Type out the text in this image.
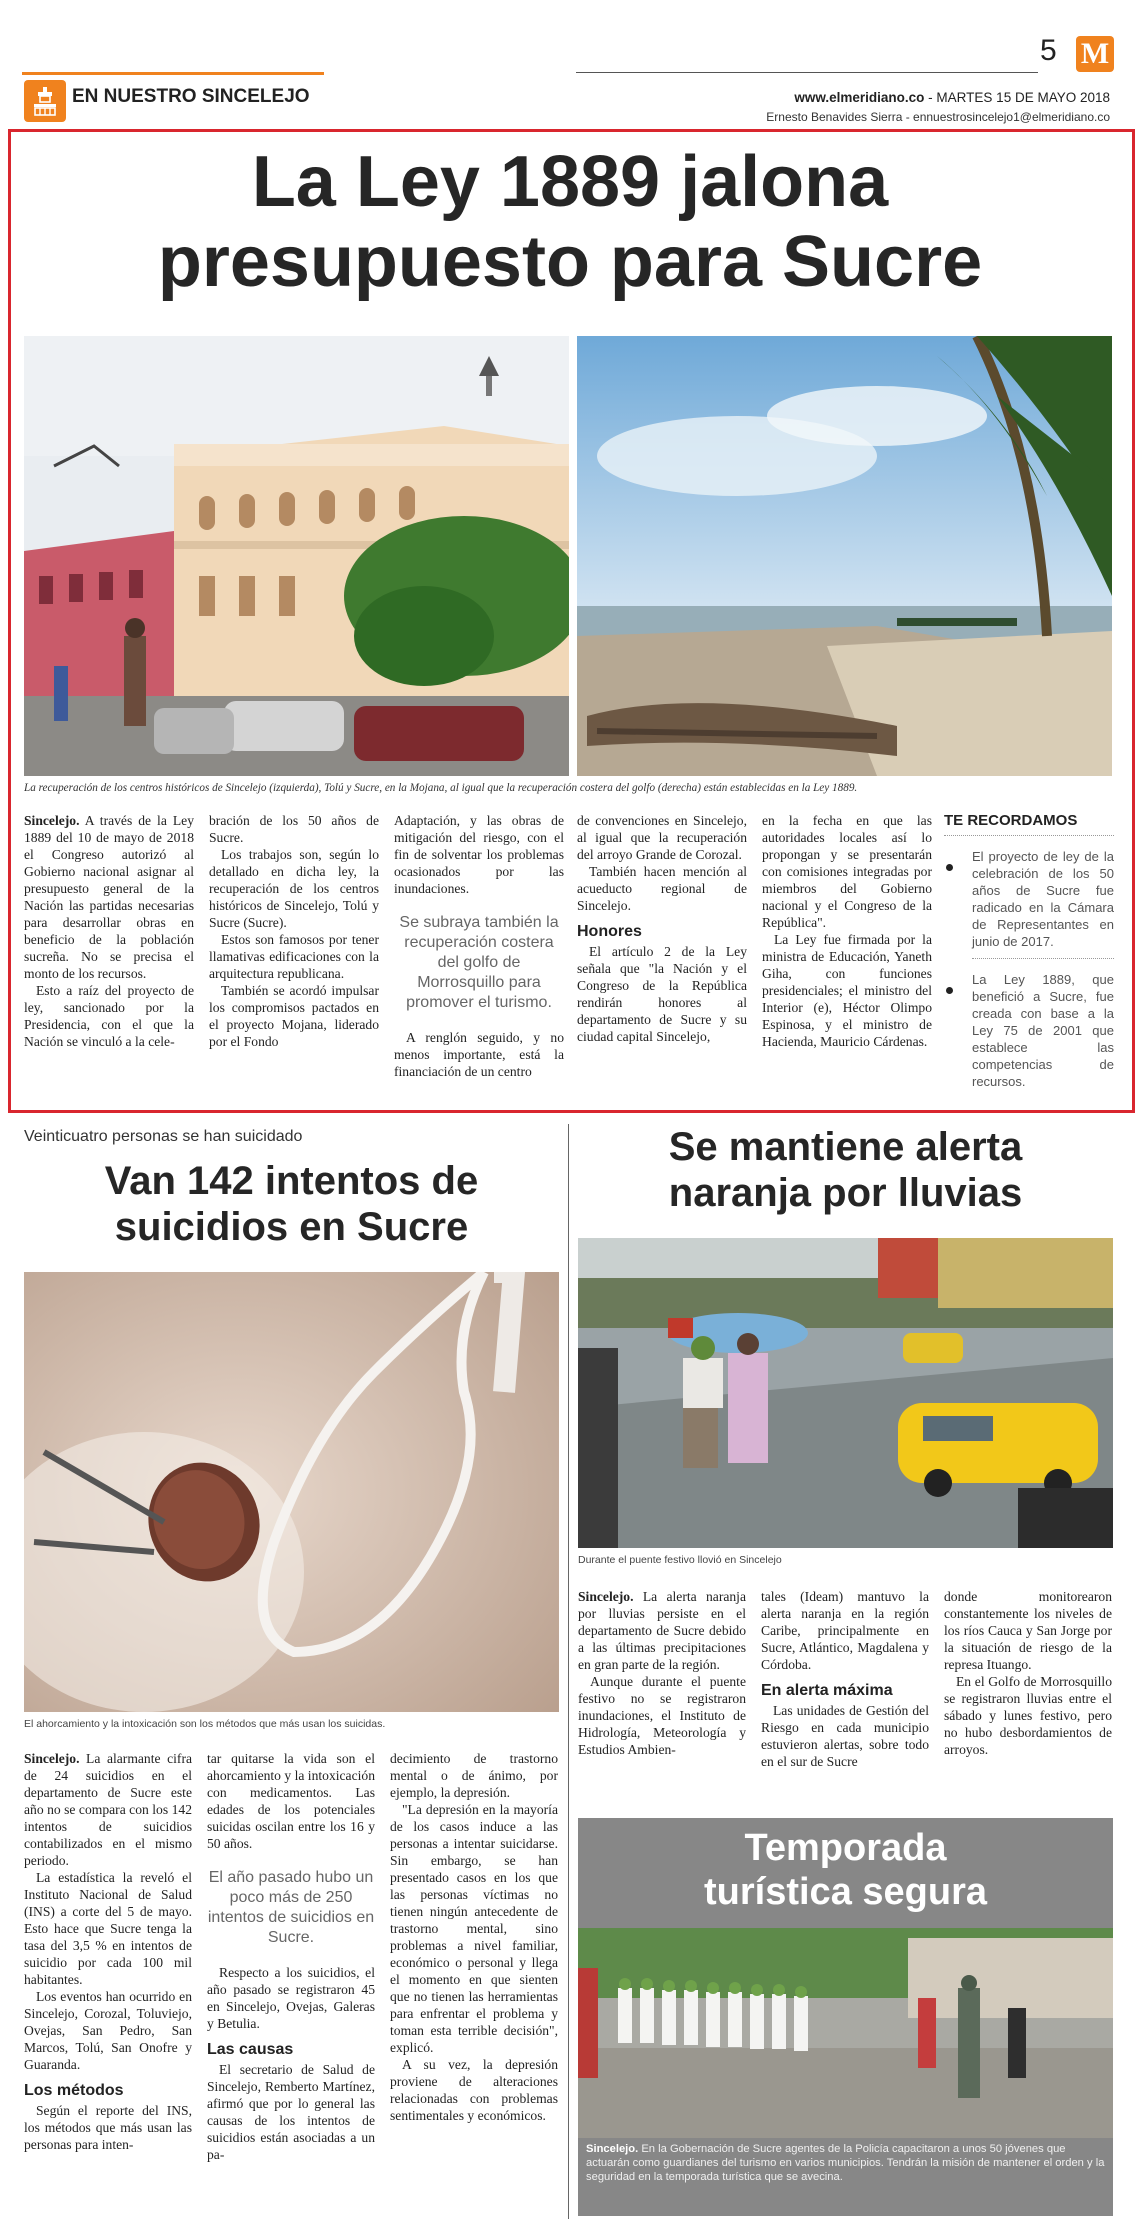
EN NUESTRO SINCELEJO
5 M
www.elmeridiano.co - MARTES 15 DE MAYO 2018
Ernesto Benavides Sierra - ennuestrosincelejo1@elmeridiano.co
La Ley 1889 jalona
presupuesto para Sucre
La recuperación de los centros históricos de Sincelejo (izquierda), Tolú y Sucre, en la Mojana, al igual que la recuperación costera del golfo (derecha) están establecidas en la Ley 1889.

Sincelejo. A través de la Ley 1889 del 10 de mayo de 2018 el Congreso autorizó al Gobierno nacional asignar al presupuesto general de la Nación las partidas necesarias para desarrollar obras en beneficio de la población sucreña. No se precisa el monto de los recursos.

Esto a raíz del proyecto de ley, sancionado por la Presidencia, con el que la Nación se vinculó a la cele-

bración de los 50 años de Sucre.

Los trabajos son, según lo detallado en dicha ley, la recuperación de los centros históricos de Sincelejo, Tolú y Sucre (Sucre).

Estos son famosos por tener llamativas edificaciones con la arquitectura republicana.

También se acordó impulsar los compromisos pactados en el proyecto Mojana, liderado por el Fondo

Adaptación, y las obras de mitigación del riesgo, con el fin de solventar los problemas ocasionados por las inundaciones.

Se subraya también la recuperación costera del golfo de Morrosquillo para promover el turismo.

A renglón seguido, y no menos importante, está la financiación de un centro

de convenciones en Sincelejo, al igual que la recuperación del arroyo Grande de Corozal.

También hacen mención al acueducto regional de Sincelejo.

Honores

El artículo 2 de la Ley señala que "la Nación y el Congreso de la República rendirán honores al departamento de Sucre y su ciudad capital Sincelejo,

en la fecha en que las autoridades locales así lo propongan y se presentarán con comisiones integradas por miembros del Gobierno nacional y el Congreso de la República".

La Ley fue firmada por la ministra de Educación, Yaneth Giha, con funciones presidenciales; el ministro del Interior (e), Héctor Olimpo Espinosa, y el ministro de Hacienda, Mauricio Cárdenas.

TE RECORDAMOS
El proyecto de ley de la celebración de los 50 años de Sucre fue radicado en la Cámara de Representantes en junio de 2017.
La Ley 1889, que benefició a Sucre, fue creada con base a la Ley 75 de 2001 que establece las competencias de recursos.
Veinticuatro personas se han suicidado
Van 142 intentos de
suicidios en Sucre
El ahorcamiento y la intoxicación son los métodos que más usan los suicidas.

Sincelejo. La alarmante cifra de 24 suicidios en el departamento de Sucre este año no se compara con los 142 intentos de suicidios contabilizados en el mismo periodo.

La estadística la reveló el Instituto Nacional de Salud (INS) a corte del 5 de mayo. Esto hace que Sucre tenga la tasa del 3,5 % en intentos de suicidio por cada 100 mil habitantes.

Los eventos han ocurrido en Sincelejo, Corozal, Toluviejo, Ovejas, San Pedro, San Marcos, Tolú, San Onofre y Guaranda.

Los métodos

Según el reporte del INS, los métodos que más usan las personas para inten-

tar quitarse la vida son el ahorcamiento y la intoxicación con medicamentos. Las edades de los potenciales suicidas oscilan entre los 16 y 50 años.

El año pasado hubo un poco más de 250 intentos de suicidios en Sucre.

Respecto a los suicidios, el año pasado se registraron 45 en Sincelejo, Ovejas, Galeras y Betulia.

Las causas

El secretario de Salud de Sincelejo, Remberto Martínez, afirmó que por lo general las causas de los intentos de suicidios están asociadas a un pa-

decimiento de trastorno mental o de ánimo, por ejemplo, la depresión.

"La depresión en la mayoría de los casos induce a las personas a intentar suicidarse. Sin embargo, se han presentado casos en los que las personas víctimas no tienen ningún antecedente de trastorno mental, sino problemas a nivel familiar, económico o personal y llega el momento en que sienten que no tienen las herramientas para enfrentar el problema y toman esta terrible decisión", explicó.

A su vez, la depresión proviene de alteraciones relacionadas con problemas sentimentales y económicos.

Se mantiene alerta
naranja por lluvias
Durante el puente festivo llovió en Sincelejo

Sincelejo. La alerta naranja por lluvias persiste en el departamento de Sucre debido a las últimas precipitaciones en gran parte de la región.

Aunque durante el puente festivo no se registraron inundaciones, el Instituto de Hidrología, Meteorología y Estudios Ambien-

tales (Ideam) mantuvo la alerta naranja en la región Caribe, principalmente en Sucre, Atlántico, Magdalena y Córdoba.

En alerta máxima

Las unidades de Gestión del Riesgo en cada municipio estuvieron alertas, sobre todo en el sur de Sucre

donde monitorearon constantemente los niveles de los ríos Cauca y San Jorge por la situación de riesgo de la represa Ituango.

En el Golfo de Morrosquillo se registraron lluvias entre el sábado y lunes festivo, pero no hubo desbordamientos de arroyos.

Temporada
turística segura
Sincelejo. En la Gobernación de Sucre agentes de la Policía capacitaron a unos 50 jóvenes que actuarán como guardianes del turismo en varios municipios. Tendrán la misión de mantener el orden y la seguridad en la temporada turística que se avecina.
